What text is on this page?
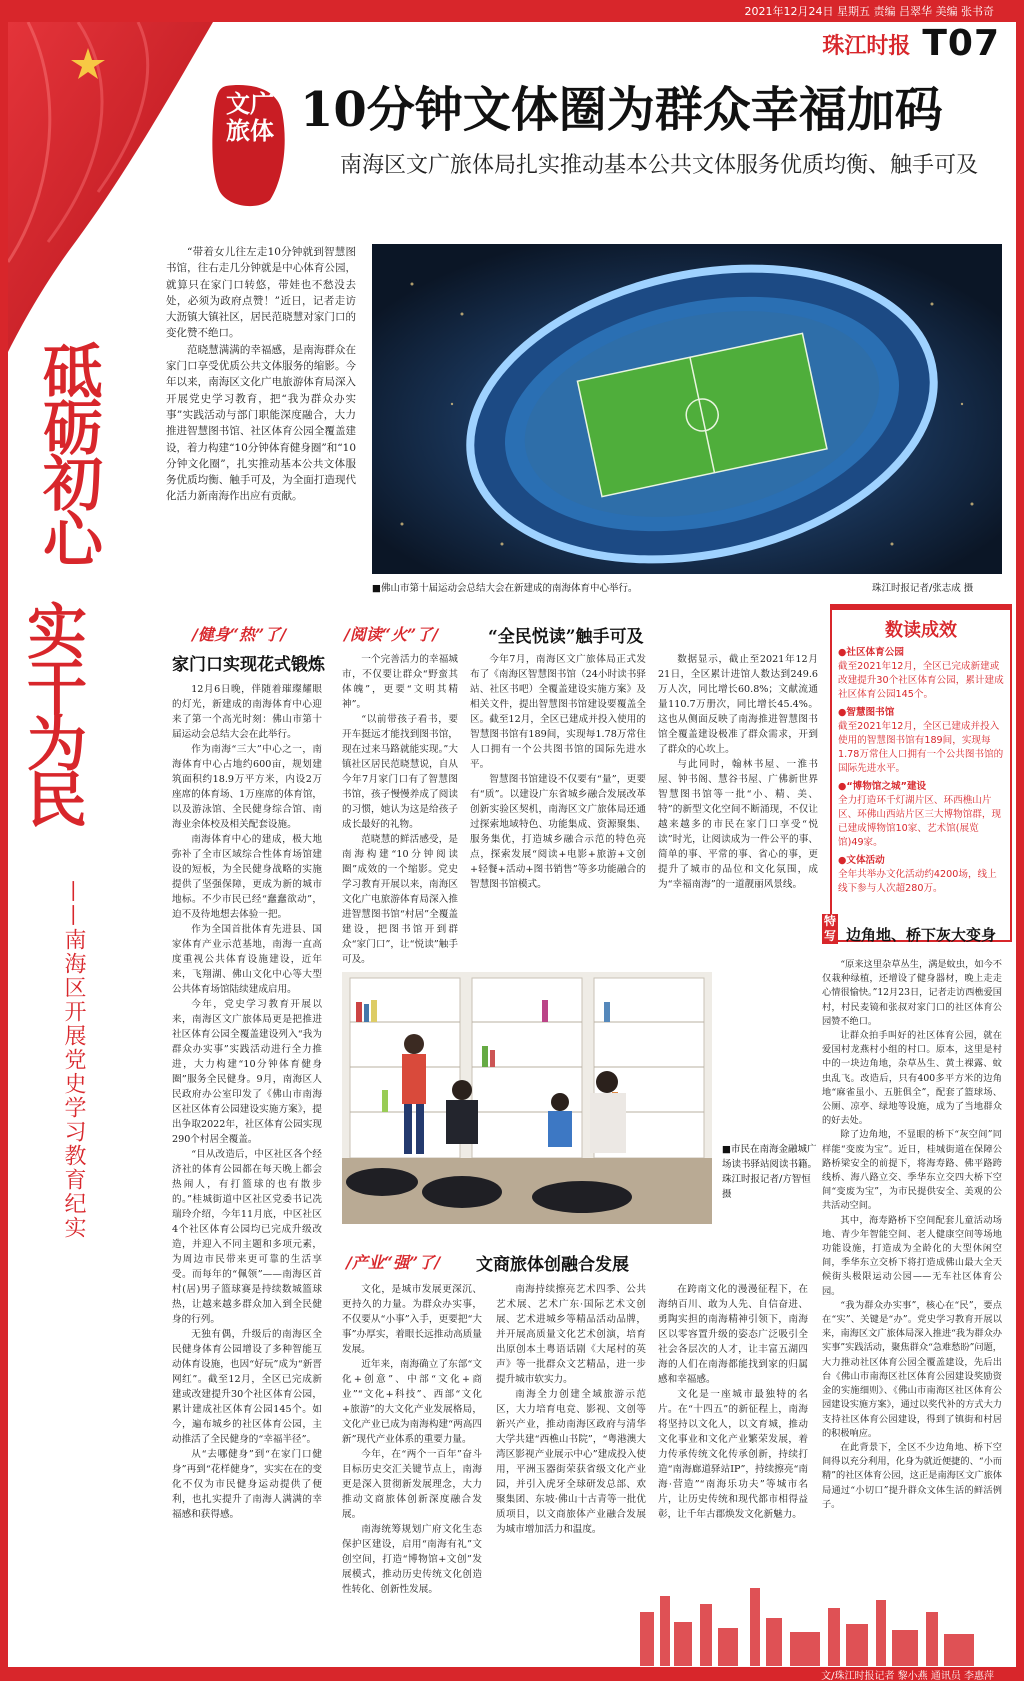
2021年12月24日 星期五 责编 吕翠华 美编 张书奇
珠江时报 T07
文广旅体 10分钟文体圈为群众幸福加码
南海区文广旅体局扎实推动基本公共文体服务优质均衡、触手可及
砥砺初心
实干为民
——南海区开展党史学习教育纪实

“带着女儿往左走10分钟就到智慧图书馆，往右走几分钟就是中心体育公园，就算只在家门口转悠，带娃也不愁没去处，必须为政府点赞！”近日，记者走访大沥镇大镇社区，居民范晓慧对家门口的变化赞不绝口。

范晓慧满满的幸福感，是南海群众在家门口享受优质公共文体服务的缩影。今年以来，南海区文化广电旅游体育局深入开展党史学习教育，把“我为群众办实事”实践活动与部门职能深度融合，大力推进智慧图书馆、社区体育公园全覆盖建设，着力构建“10分钟体育健身圈”和“10分钟文化圈”，扎实推动基本公共文体服务优质均衡、触手可及，为全面打造现代化活力新南海作出应有贡献。

■佛山市第十届运动会总结大会在新建成的南海体育中心举行。	珠江时报记者/张志成 摄
/健身“热”了/
家门口实现花式锻炼

12月6日晚，伴随着璀璨耀眼的灯光，新建成的南海体育中心迎来了第一个高光时刻：佛山市第十届运动会总结大会在此举行。

作为南海“三大”中心之一，南海体育中心占地约600亩，规划建筑面积约18.9万平方米，内设2万座席的体育场、1万座席的体育馆，以及游泳馆、全民健身综合馆、南海业余体校及相关配套设施。

南海体育中心的建成，极大地弥补了全市区域综合性体育场馆建设的短板，为全民健身战略的实施提供了坚强保障，更成为新的城市地标。不少市民已经“蠢蠢欲动”，迫不及待地想去体验一把。

作为全国首批体育先进县、国家体育产业示范基地，南海一直高度重视公共体育设施建设，近年来，飞翔湖、佛山文化中心等大型公共体育场馆陆续建成启用。

今年，党史学习教育开展以来，南海区文广旅体局更是把推进社区体育公园全覆盖建设列入“我为群众办实事”实践活动进行全力推进，大力构建“10分钟体育健身圈”服务全民健身。9月，南海区人民政府办公室印发了《佛山市南海区社区体育公园建设实施方案》，提出争取2022年，社区体育公园实现290个村居全覆盖。

“目从改造后，中区社区各个经济社的体育公园都在每天晚上都会热闹人，有打篮球的也有散步的。”桂城街道中区社区党委书记冼瑞玲介绍，今年11月底，中区社区4个社区体育公园均已完成升级改造，并迎入不同主题和多项元素，为周边市民带来更可靠的生活享受。而每年的“佩领”——南海区首村(居)男子篮球赛是持续数城篮球热，让越来越多群众加入到全民健身的行列。

无独有偶，升级后的南海区全民健身体育公园增设了多种智能互动体育设施，也因“好玩”成为“新晋网红”。截至12月，全区已完成新建或改建提升30个社区体育公园，累计建成社区体育公园145个。如今，遍布城乡的社区体育公园，主动推活了全民健身的“幸福半径”。

从“去哪健身”到“在家门口健身”再到“花样健身”，实实在在的变化不仅为市民健身运动提供了便利，也扎实提升了南海人满满的幸福感和获得感。

/阅读“火”了/	“全民悦读”触手可及

一个完善活力的幸福城市，不仅要让群众“野蛮其体魄”，更要“文明其精神”。

“以前带孩子看书，要开车挺远才能找到图书馆，现在过来马路就能实现。”大镇社区居民范晓慧说，自从今年7月家门口有了智慧图书馆，孩子慢慢养成了阅读的习惯，她认为这是给孩子成长最好的礼物。

范晓慧的鲜活感受，是南海构建“10分钟阅读圈”成效的一个缩影。党史学习教育开展以来，南海区文化广电旅游体育局深入推进智慧图书馆“村居”全覆盖建设，把图书馆开到群众“家门口”，让“悦读”触手可及。

今年7月，南海区文广旅体局正式发布了《南海区智慧图书馆（24小时读书驿站、社区书吧）全覆盖建设实施方案》及相关文件，提出智慧图书馆建设要覆盖全区。截至12月，全区已建成并投入使用的智慧图书馆有189间，实现每1.78万常住人口拥有一个公共图书馆的国际先进水平。

智慧图书馆建设不仅要有“量”，更要有“质”。以建设广东省城乡融合发展改革创新实验区契机，南海区文广旅体局还通过探索地域特色、功能集成、资源聚集、服务集优，打造城乡融合示范的特色亮点，探索发展“阅读+电影+旅游+文创+轻餐+活动+图书销售”等多功能融合的智慧图书馆模式。

数据显示，截止至2021年12月21日，全区累计进馆人数达到249.6万人次，同比增长60.8%；文献流通量110.7万册次，同比增长45.4%。这也从侧面反映了南海推进智慧图书馆全覆盖建设极准了群众需求，开到了群众的心坎上。

与此同时，翰林书屋、一淮书屋、钟书阁、慧谷书屋、广佛新世界智慧图书馆等一批“小、精、美、特”的新型文化空间不断涌现，不仅让越来越多的市民在家门口享受“悦读”时光，让阅读成为一件公平的事、简单的事、平常的事、省心的事，更提升了城市的品位和文化氛围，成为“幸福南海”的一道靓丽风景线。

数读成效
●社区体育公园
截至2021年12月，全区已完成新建或改建提升30个社区体育公园，累计建成社区体育公园145个。
●智慧图书馆
截至2021年12月，全区已建成并投入使用的智慧图书馆有189间，实现每1.78万常住人口拥有一个公共图书馆的国际先进水平。
●“博物馆之城”建设
全力打造环千灯湖片区、环西樵山片区、环佛山西站片区三大博物馆群，现已建成博物馆10家、艺术馆(展览馆)49家。
●文体活动
全年共举办文化活动约4200场，线上线下参与人次超280万。
特写 边角地、桥下灰大变身

“原来这里杂草丛生，满是蚊虫，如今不仅栽种绿植，还增设了健身器材，晚上走走心情很愉快。”12月23日，记者走访西樵爱国村，村民麦镜和张叔对家门口的社区体育公园赞不绝口。

让群众拍手叫好的社区体育公园，就在爱国村龙燕村小组的村口。原本，这里是村中的一块边角地，杂草丛生、黄土裸露、蚊虫乱飞。改造后，只有400多平方米的边角地“麻雀虽小、五脏俱全”，配套了篮球场、公厕、凉亭、绿地等设施，成为了当地群众的好去处。

除了边角地，不显眼的桥下“灰空间”同样能“变废为宝”。近日，桂城街道在保障公路桥梁安全的前提下，将海寿路、佛平路跨线桥、海八路立交、季华东立交四大桥下空间“变废为宝”，为市民提供安全、美观的公共活动空间。

其中，海寿路桥下空间配套儿童活动场地、青少年智能空间、老人健康空间等场地功能设施，打造成为全龄化的大型休闲空间，季华东立交桥下将打造成佛山最大全天候街头极限运动公园——无车社区体育公园。

“我为群众办实事”，核心在“民”，要点在“实”、关键是“办”。党史学习教育开展以来，南海区文广旅体局深入推进“我为群众办实事”实践活动，聚焦群众“急难愁盼”问题，大力推动社区体育公园全覆盖建设，先后出台《佛山市南海区社区体育公园建设奖励资金的实施细则》、《佛山市南海区社区体育公园建设实施方案》，通过以奖代补的方式大力支持社区体育公园建设，得到了镇街和村居的积极响应。

在此背景下，全区不少边角地、桥下空间得以充分利用，化身为就近便捷的、“小而精”的社区体育公园，这正是南海区文广旅体局通过“小切口”提升群众文体生活的鲜活例子。

■市民在南海金融城广场读书驿站阅读书籍。珠江时报记者/方智恒 摄
/产业“强”了/ 文商旅体创融合发展

文化，是城市发展更深沉、更持久的力量。为群众办实事，不仅要从“小事”入手，更要把“大事”办厚实，着眼长远推动高质量发展。

近年来，南海确立了东部“文化+创意”、中部“文化+商业”“文化+科技”、西部“文化+旅游”的大文化产业发展格局，文化产业已成为南海构建“两高四新”现代产业体系的重要力量。

今年，在“两个一百年”奋斗目标历史交汇关键节点上，南海更是深入贯彻新发展理念，大力推动文商旅体创新深度融合发展。

南海统筹规划广府文化生态保护区建设，启用“南海有礼”文创空间，打造“博物馆+文创”发展模式，推动历史传统文化创造性转化、创新性发展。

南海持续擦亮艺术四季、公共艺术展、艺术广东·国际艺术文创展、艺术进城乡等精品活动品牌，并开展高质量文化艺术创演，培育出原创本土粤语话剧《大尾村的英声》等一批群众文艺精品，进一步提升城市软实力。

南海全力创建全域旅游示范区，大力培育电竞、影视、文创等新兴产业，推动南海区政府与清华大学共建“西樵山书院”，“粤港澳大湾区影视产业展示中心”建成投入使用，平洲玉器街荣获省级文化产业园，并引入虎牙全球研发总部、欢聚集团、东坡·佛山十古青等一批优质项目，以文商旅体产业融合发展为城市增加活力和温度。

在跨南文化的漫漫征程下，在海纳百川、敢为人先、自信奋进、勇陶实担的南海精神引领下，南海区以零容置升级的姿态广泛吸引全社会各层次的人才，让丰富五湖四海的人们在南海都能找到家的归属感和幸福感。

文化是一座城市最独特的名片。在“十四五”的新征程上，南海将坚持以文化人，以文育城，推动文化事业和文化产业繁荣发展，着力传承传统文化传承创新，持续打造“南海廊道驿站IP”，持续擦亮“南海·营造”“南海乐功夫”等城市名片，让历史传统和现代都市相得益彰，让千年古郡焕发文化新魅力。

文/珠江时报记者 黎小燕 通讯员 李惠萍
